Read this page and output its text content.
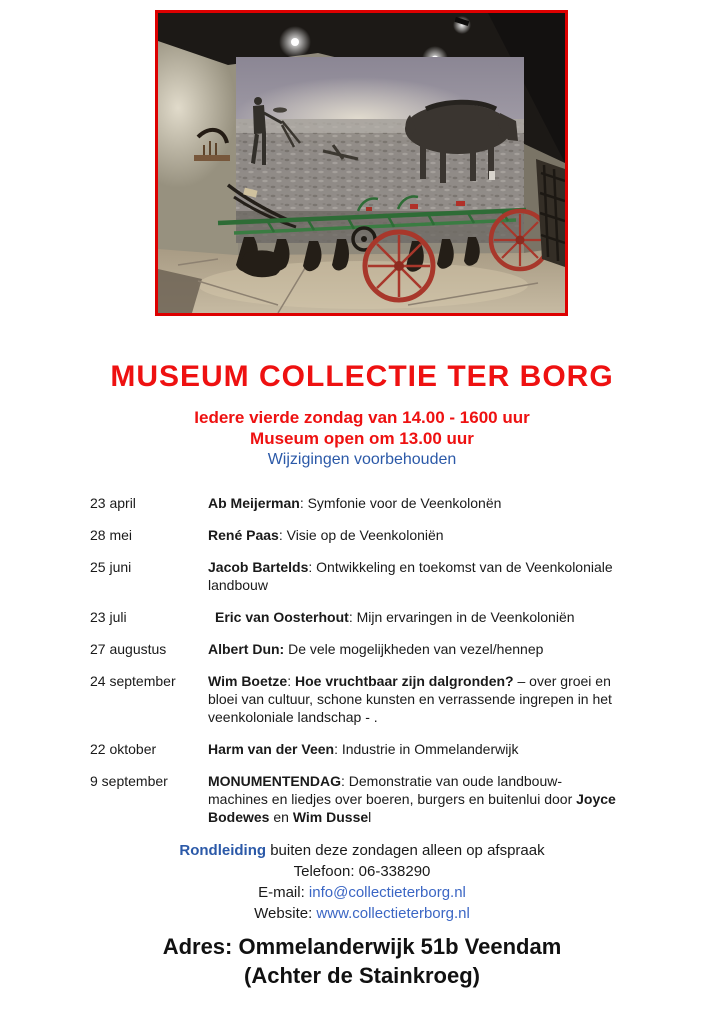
MUSEUM COLLECTIE TER BORG
Iedere vierde zondag van 14.00 - 1600 uur
Museum open om 13.00 uur
Wijzigingen voorbehouden
23 april	Ab Meijerman: Symfonie voor de Veenkolonën
28 mei	René Paas: Visie op de Veenkoloniën
25 juni	Jacob Bartelds: Ontwikkeling en toekomst van de Veenkoloniale landbouw
23 juli	Eric van Oosterhout: Mijn ervaringen in de Veenkoloniën
27 augustus	Albert Dun: De vele mogelijkheden van vezel/hennep
24 september	Wim Boetze: Hoe vruchtbaar zijn dalgronden? – over groei en bloei van cultuur, schone kunsten en verrassende ingrepen in het veenkoloniale landschap - .
22 oktober	Harm van der Veen: Industrie in Ommelanderwijk
9 september	MONUMENTENDAG: Demonstratie van oude landbouw-machines en liedjes over boeren, burgers en buitenlui door Joyce Bodewes en Wim Dussel
Rondleiding buiten deze zondagen alleen op afspraak
Telefoon: 06-338290
E-mail: info@collectieterborg.nl
Website: www.collectieterborg.nl
Adres: Ommelanderwijk 51b Veendam
(Achter de Stainkroeg)
